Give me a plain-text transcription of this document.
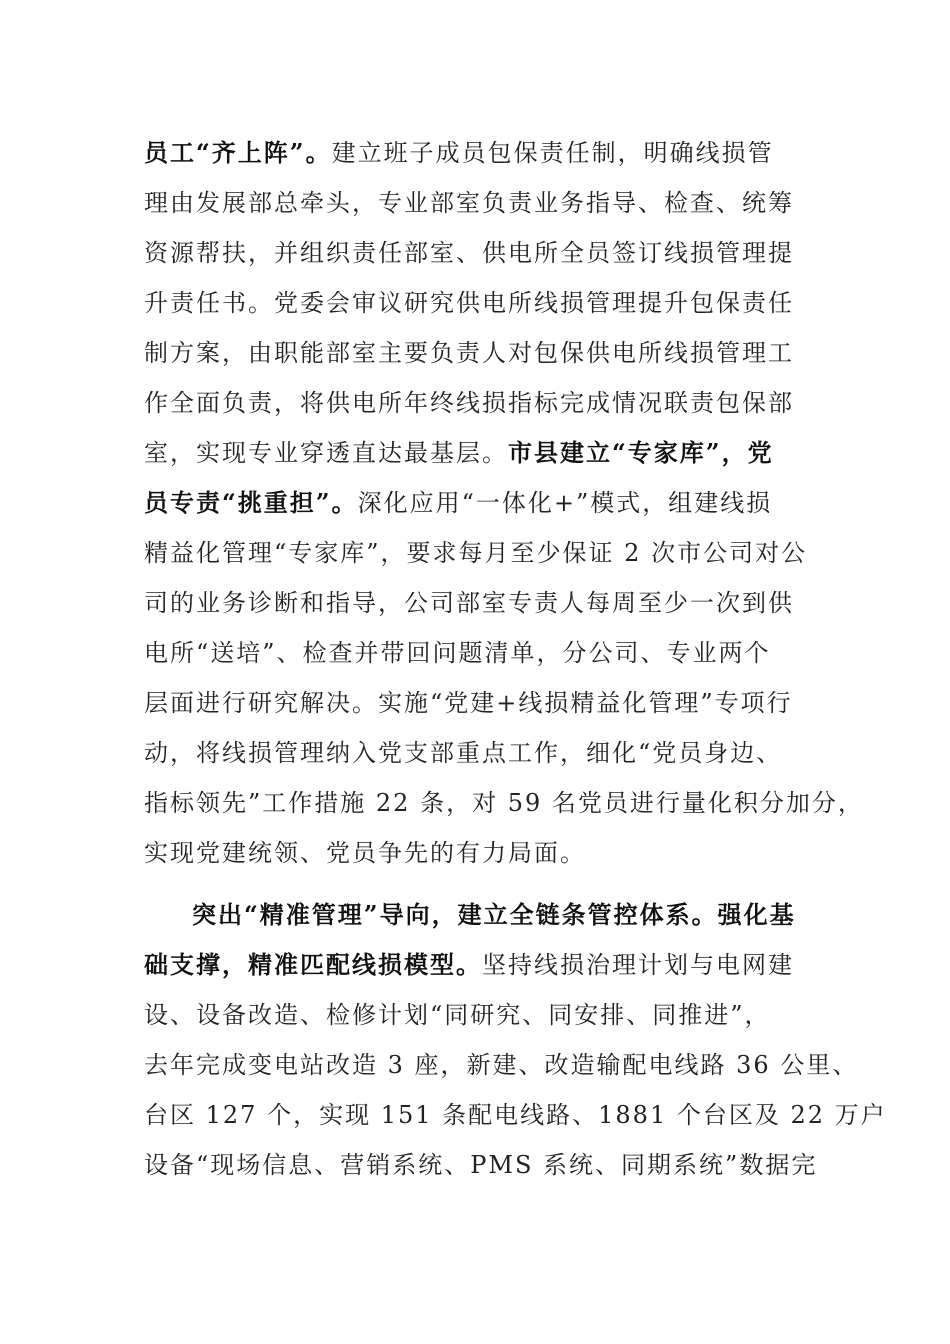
员工“齐上阵”。建立班子成员包保责任制，明确线损管
理由发展部总牵头，专业部室负责业务指导、检查、统筹
资源帮扶，并组织责任部室、供电所全员签订线损管理提
升责任书。党委会审议研究供电所线损管理提升包保责任
制方案，由职能部室主要负责人对包保供电所线损管理工
作全面负责，将供电所年终线损指标完成情况联责包保部
室，实现专业穿透直达最基层。市县建立“专家库”，党
员专责“挑重担”。深化应用“一体化+”模式，组建线损
精益化管理“专家库”，要求每月至少保证 2 次市公司对公
司的业务诊断和指导，公司部室专责人每周至少一次到供
电所“送培”、检查并带回问题清单，分公司、专业两个
层面进行研究解决。实施“党建+线损精益化管理”专项行
动，将线损管理纳入党支部重点工作，细化“党员身边、
指标领先”工作措施 22 条，对 59 名党员进行量化积分加分，
实现党建统领、党员争先的有力局面。
突出“精准管理”导向，建立全链条管控体系。强化基
础支撑，精准匹配线损模型。坚持线损治理计划与电网建
设、设备改造、检修计划“同研究、同安排、同推进”，
去年完成变电站改造 3 座，新建、改造输配电线路 36 公里、
台区 127 个，实现 151 条配电线路、1881 个台区及 22 万户
设备“现场信息、营销系统、PMS 系统、同期系统”数据完
